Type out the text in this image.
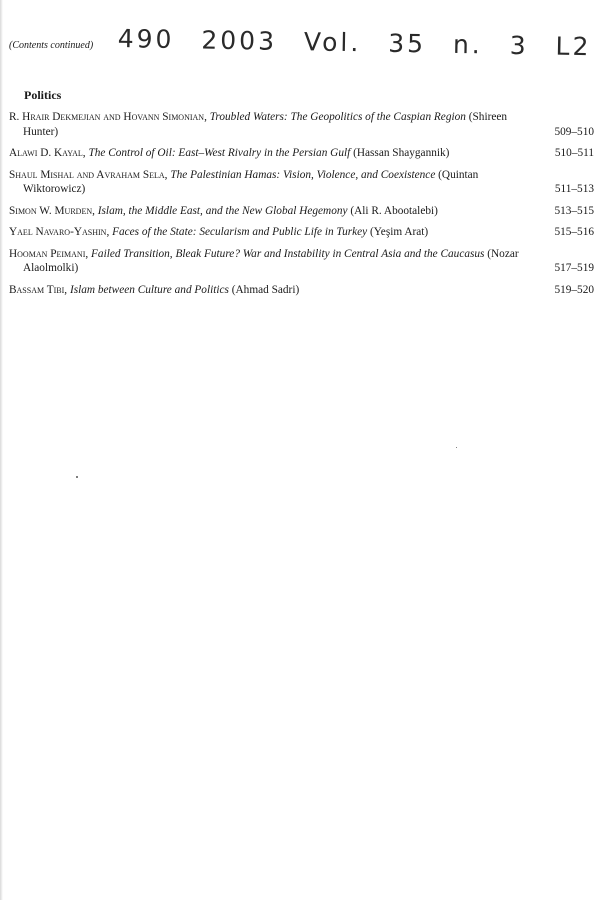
(Contents continued) 490 2003 Vol. 35 n. 3 L2
Politics
R. Hrair Dekmejian and Hovann Simonian, Troubled Waters: The Geopolitics of the Caspian Region (Shireen Hunter)	509–510
Alawi D. Kayal, The Control of Oil: East–West Rivalry in the Persian Gulf (Hassan Shaygannik)	510–511
Shaul Mishal and Avraham Sela, The Palestinian Hamas: Vision, Violence, and Coexistence (Quintan Wiktorowicz)	511–513
Simon W. Murden, Islam, the Middle East, and the New Global Hegemony (Ali R. Abootalebi)	513–515
Yael Navaro-Yashin, Faces of the State: Secularism and Public Life in Turkey (Yeşim Arat)	515–516
Hooman Peimani, Failed Transition, Bleak Future? War and Instability in Central Asia and the Caucasus (Nozar Alaolmolki)	517–519
Bassam Tibi, Islam between Culture and Politics (Ahmad Sadri)	519–520
